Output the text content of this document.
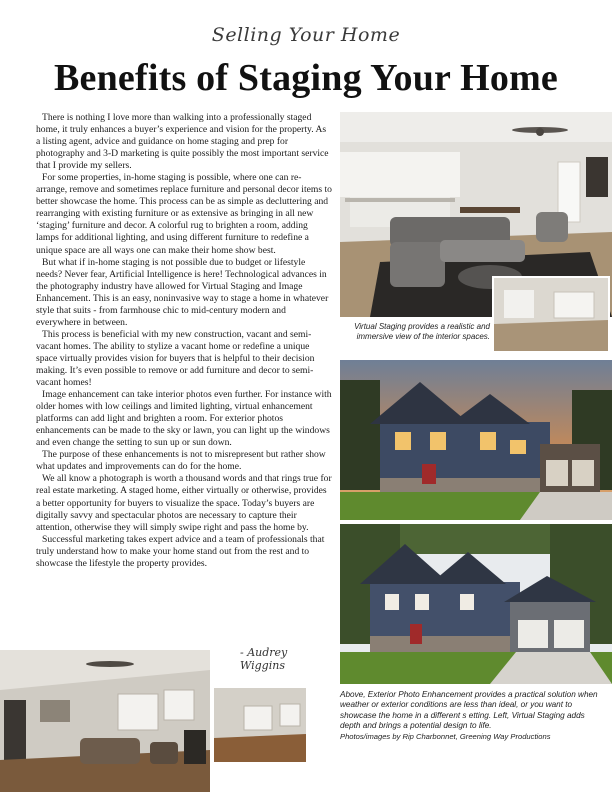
Selling Your Home
Benefits of Staging Your Home

There is nothing I love more than walking into a professionally staged home, it truly enhances a buyer’s experience and vision for the property. As a listing agent, advice and guidance on home staging and prep for photography and 3-D marketing is quite possibly the most important service that I provide my sellers.

For some properties, in-home staging is possible, where one can re-arrange, remove and sometimes replace furniture and personal decor items to better showcase the home. This process can be as simple as decluttering and rearranging with existing furniture or as extensive as bringing in all new ‘staging’ furniture and decor. A colorful rug to brighten a room, adding lamps for additional lighting, and using different furniture to redefine a unique space are all ways one can make their home show best.

But what if in-home staging is not possible due to budget or lifestyle needs? Never fear, Artificial Intelligence is here! Technological advances in the photography industry have allowed for Virtual Staging and Image Enhancement. This is an easy, noninvasive way to stage a home in whatever style that suits - from farmhouse chic to mid-century modern and everywhere in between.

This process is beneficial with my new construction, vacant and semi-vacant homes. The ability to stylize a vacant home or redefine a unique space virtually provides vision for buyers that is helpful to their decision making. It’s even possible to remove or add furniture and decor to semi-vacant homes!

Image enhancement can take interior photos even further. For instance with older homes with low ceilings and limited lighting, virtual enhancement platforms can add light and brighten a room. For exterior photos enhancements can be made to the sky or lawn, you can light up the windows and even change the setting to sun up or sun down.

The purpose of these enhancements is not to misrepresent but rather show what updates and improvements can do for the home.

We all know a photograph is worth a thousand words and that rings true for real estate marketing. A staged home, either virtually or otherwise, provides a better opportunity for buyers to visualize the space. Today’s buyers are digitally savvy and spectacular photos are necessary to capture their attention, otherwise they will simply swipe right and pass the home by.

Successful marketing takes expert advice and a team of professionals that truly understand how to make your home stand out from the rest and to showcase the lifestyle the property provides.

- Audrey Wiggins
Virtual Staging provides a realistic and immersive view of the interior spaces.
Above, Exterior Photo Enhancement provides a practical solution when weather or exterior conditions are less than ideal, or you want to showcase the home in a different s etting. Left, Virtual Staging adds depth and brings a potential design to life.
Photos/images by Rip Charbonnet, Greening Way Productions
